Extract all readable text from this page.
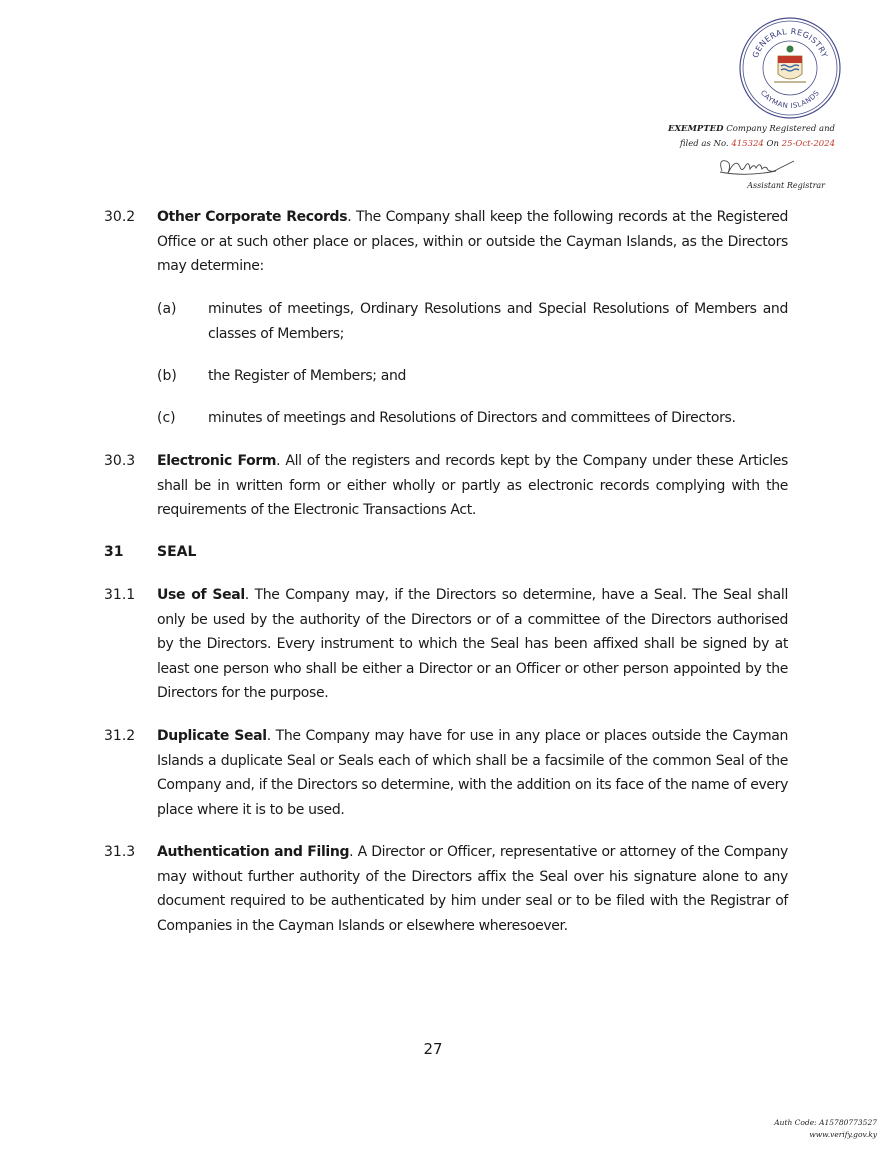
GENERAL REGISTRY
CAYMAN ISLANDS
EXEMPTED Company Registered and
filed as No. 415324 On 25-Oct-2024
Assistant Registrar
30.2 Other Corporate Records. The Company shall keep the following records at the Registered Office or at such other place or places, within or outside the Cayman Islands, as the Directors may determine:
(a) minutes of meetings, Ordinary Resolutions and Special Resolutions of Members and classes of Members;
(b) the Register of Members; and
(c) minutes of meetings and Resolutions of Directors and committees of Directors.
30.3 Electronic Form. All of the registers and records kept by the Company under these Articles shall be in written form or either wholly or partly as electronic records complying with the requirements of the Electronic Transactions Act.
31 SEAL
31.1 Use of Seal. The Company may, if the Directors so determine, have a Seal. The Seal shall only be used by the authority of the Directors or of a committee of the Directors authorised by the Directors. Every instrument to which the Seal has been affixed shall be signed by at least one person who shall be either a Director or an Officer or other person appointed by the Directors for the purpose.
31.2 Duplicate Seal. The Company may have for use in any place or places outside the Cayman Islands a duplicate Seal or Seals each of which shall be a facsimile of the common Seal of the Company and, if the Directors so determine, with the addition on its face of the name of every place where it is to be used.
31.3 Authentication and Filing. A Director or Officer, representative or attorney of the Company may without further authority of the Directors affix the Seal over his signature alone to any document required to be authenticated by him under seal or to be filed with the Registrar of Companies in the Cayman Islands or elsewhere wheresoever.
27
Auth Code: A15780773527
www.verify.gov.ky
